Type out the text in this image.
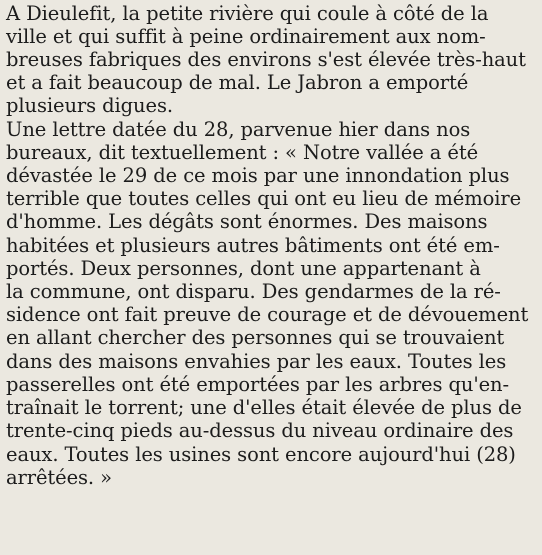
A Dieulefit, la petite rivière qui coule à côté de la
ville et qui suffit à peine ordinairement aux nom-
breuses fabriques des environs s'est élevée très-haut
et a fait beaucoup de mal. Le Jabron a emporté
plusieurs digues.
Une lettre datée du 28, parvenue hier dans nos
bureaux, dit textuellement : « Notre vallée a été
dévastée le 29 de ce mois par une innondation plus
terrible que toutes celles qui ont eu lieu de mémoire
d'homme. Les dégâts sont énormes. Des maisons
habitées et plusieurs autres bâtiments ont été em-
portés. Deux personnes, dont une appartenant à
la commune, ont disparu. Des gendarmes de la ré-
sidence ont fait preuve de courage et de dévouement
en allant chercher des personnes qui se trouvaient
dans des maisons envahies par les eaux. Toutes les
passerelles ont été emportées par les arbres qu'en-
traînait le torrent; une d'elles était élevée de plus de
trente-cinq pieds au-dessus du niveau ordinaire des
eaux. Toutes les usines sont encore aujourd'hui (28)
arrêtées. »
